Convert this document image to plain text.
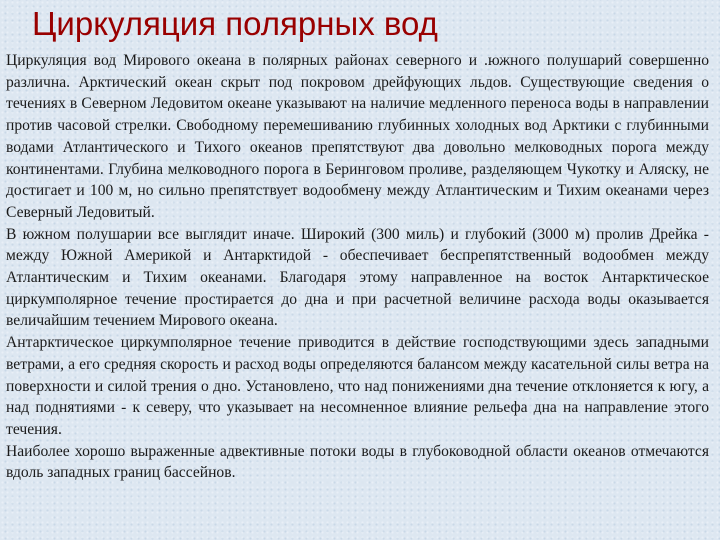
Циркуляция полярных вод

Циркуляция вод Мирового океана в полярных районах северного и .южного полушарий совершенно различна. Арктический океан скрыт под покровом дрейфующих льдов. Существующие сведения о течениях в Северном Ледовитом океане указывают на наличие медленного переноса воды в направлении против часовой стрелки. Свободному перемешиванию глубинных холодных вод Арктики с глубинными водами Атлантического и Тихого океанов препятствуют два довольно мелководных порога между континентами. Глубина мелководного порога в Беринговом проливе, разделяющем Чукотку и Аляску, не достигает и 100 м, но сильно препятствует водообмену между Атлантическим и Тихим океанами через Северный Ледовитый.

В южном полушарии все выглядит иначе. Широкий (300 миль) и глубокий (3000 м) пролив Дрейка - между Южной Америкой и Антарктидой - обеспечивает беспрепятственный водообмен между Атлантическим и Тихим океанами. Благодаря этому направленное на восток Антарктическое циркумполярное течение простирается до дна и при расчетной величине расхода воды оказывается величайшим течением Мирового океана.

Антарктическое циркумполярное течение приводится в действие господствующими здесь западными ветрами, а его средняя скорость и расход воды определяются балансом между касательной силы ветра на поверхности и силой трения о дно. Установлено, что над понижениями дна течение отклоняется к югу, а над поднятиями - к северу, что указывает на несомненное влияние рельефа дна на направление этого течения.

Наиболее хорошо выраженные адвективные потоки воды в глубоководной области океанов отмечаются вдоль западных границ бассейнов.
